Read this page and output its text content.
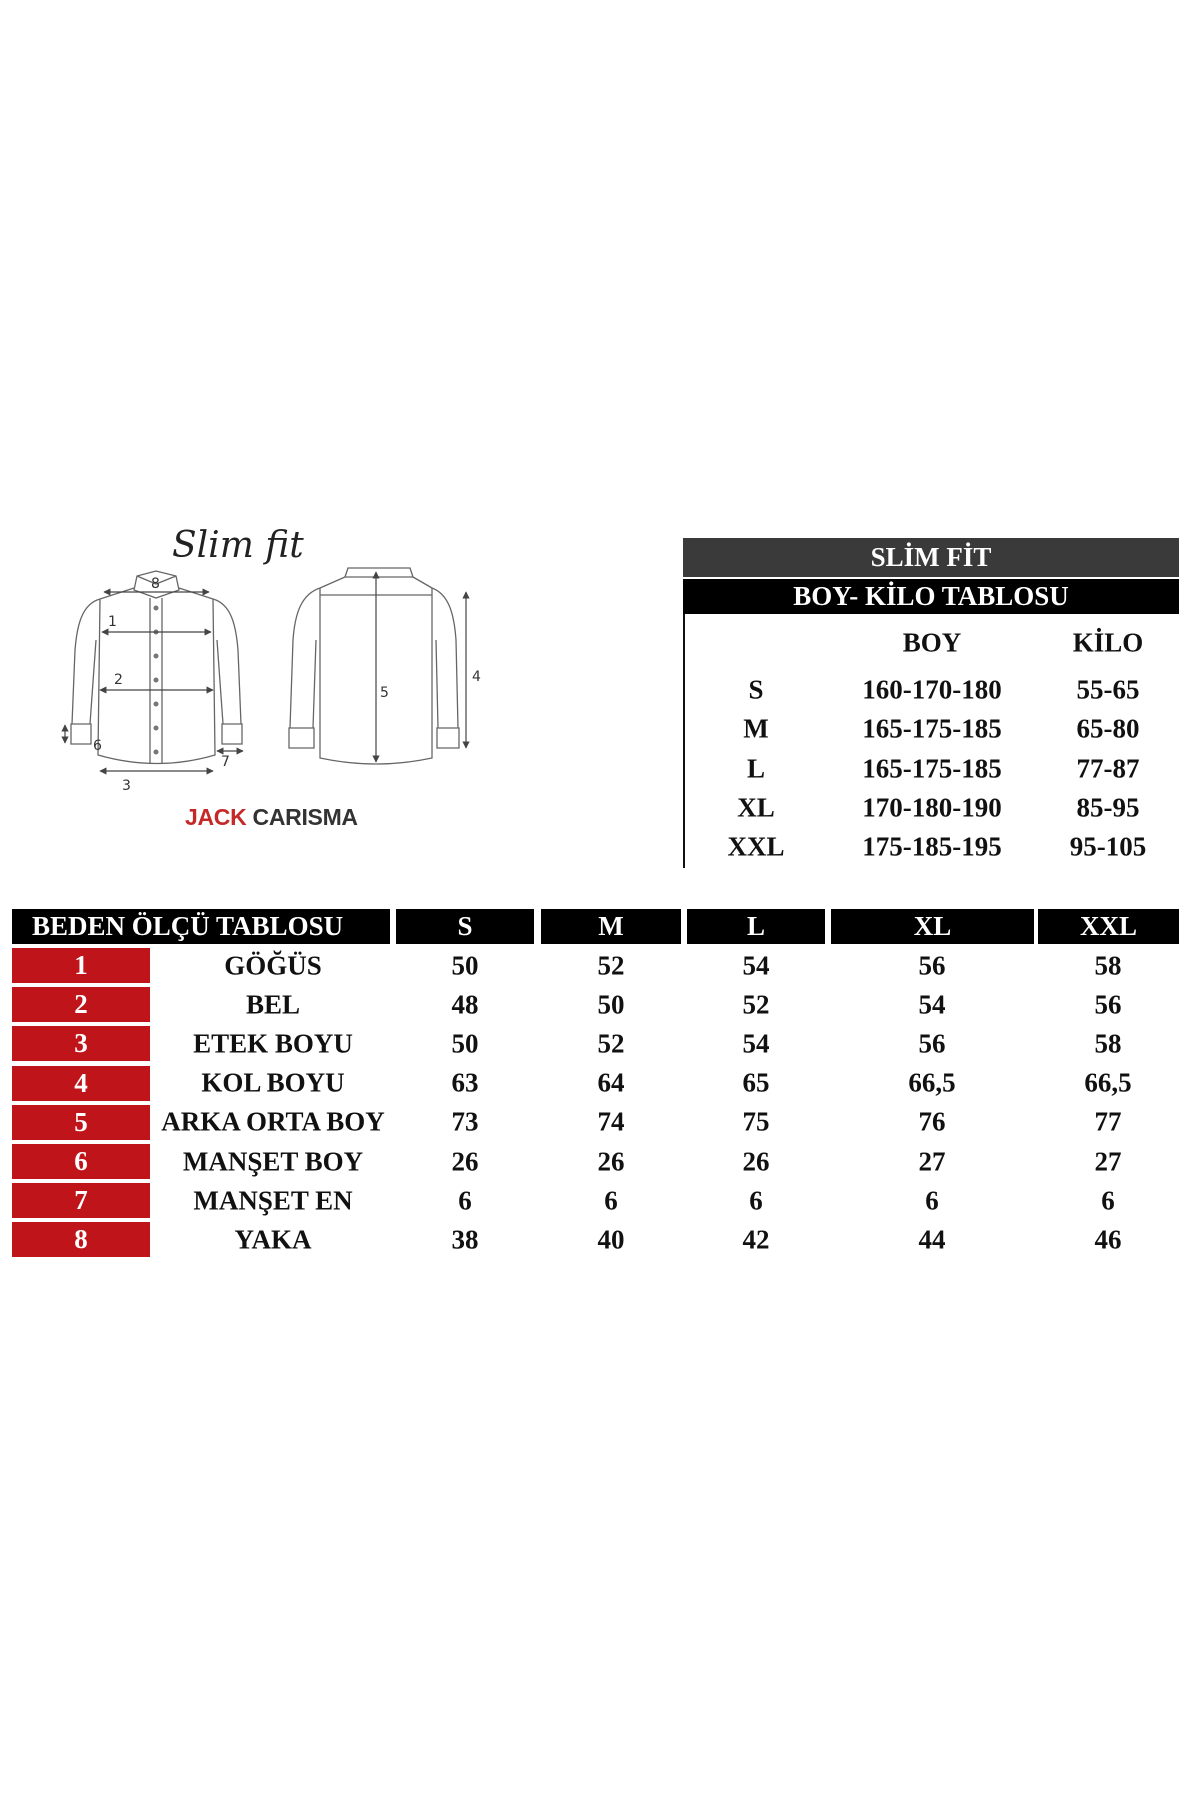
Slim fit
8
1
2
3
6
7
5
4
JACK CARISMA
SLİM FİT
BOY- KİLO TABLOSU
BOY	KİLO
S	160-170-180	55-65
M	165-175-185	65-80
L	165-175-185	77-87
XL	170-180-190	85-95
XXL	175-185-195	95-105
BEDEN ÖLÇÜ TABLOSU	S	M	L	XL	XXL
1	GÖĞÜS	50	52	54	56	58
2	BEL	48	50	52	54	56
3	ETEK BOYU	50	52	54	56	58
4	KOL BOYU	63	64	65	66,5	66,5
5	ARKA ORTA BOY 73	74	75	76	77
6	MANŞET BOY	26	26	26	27	27
7	MANŞET EN	6	6	6	6	6
8	YAKA	38	40	42	44	46
